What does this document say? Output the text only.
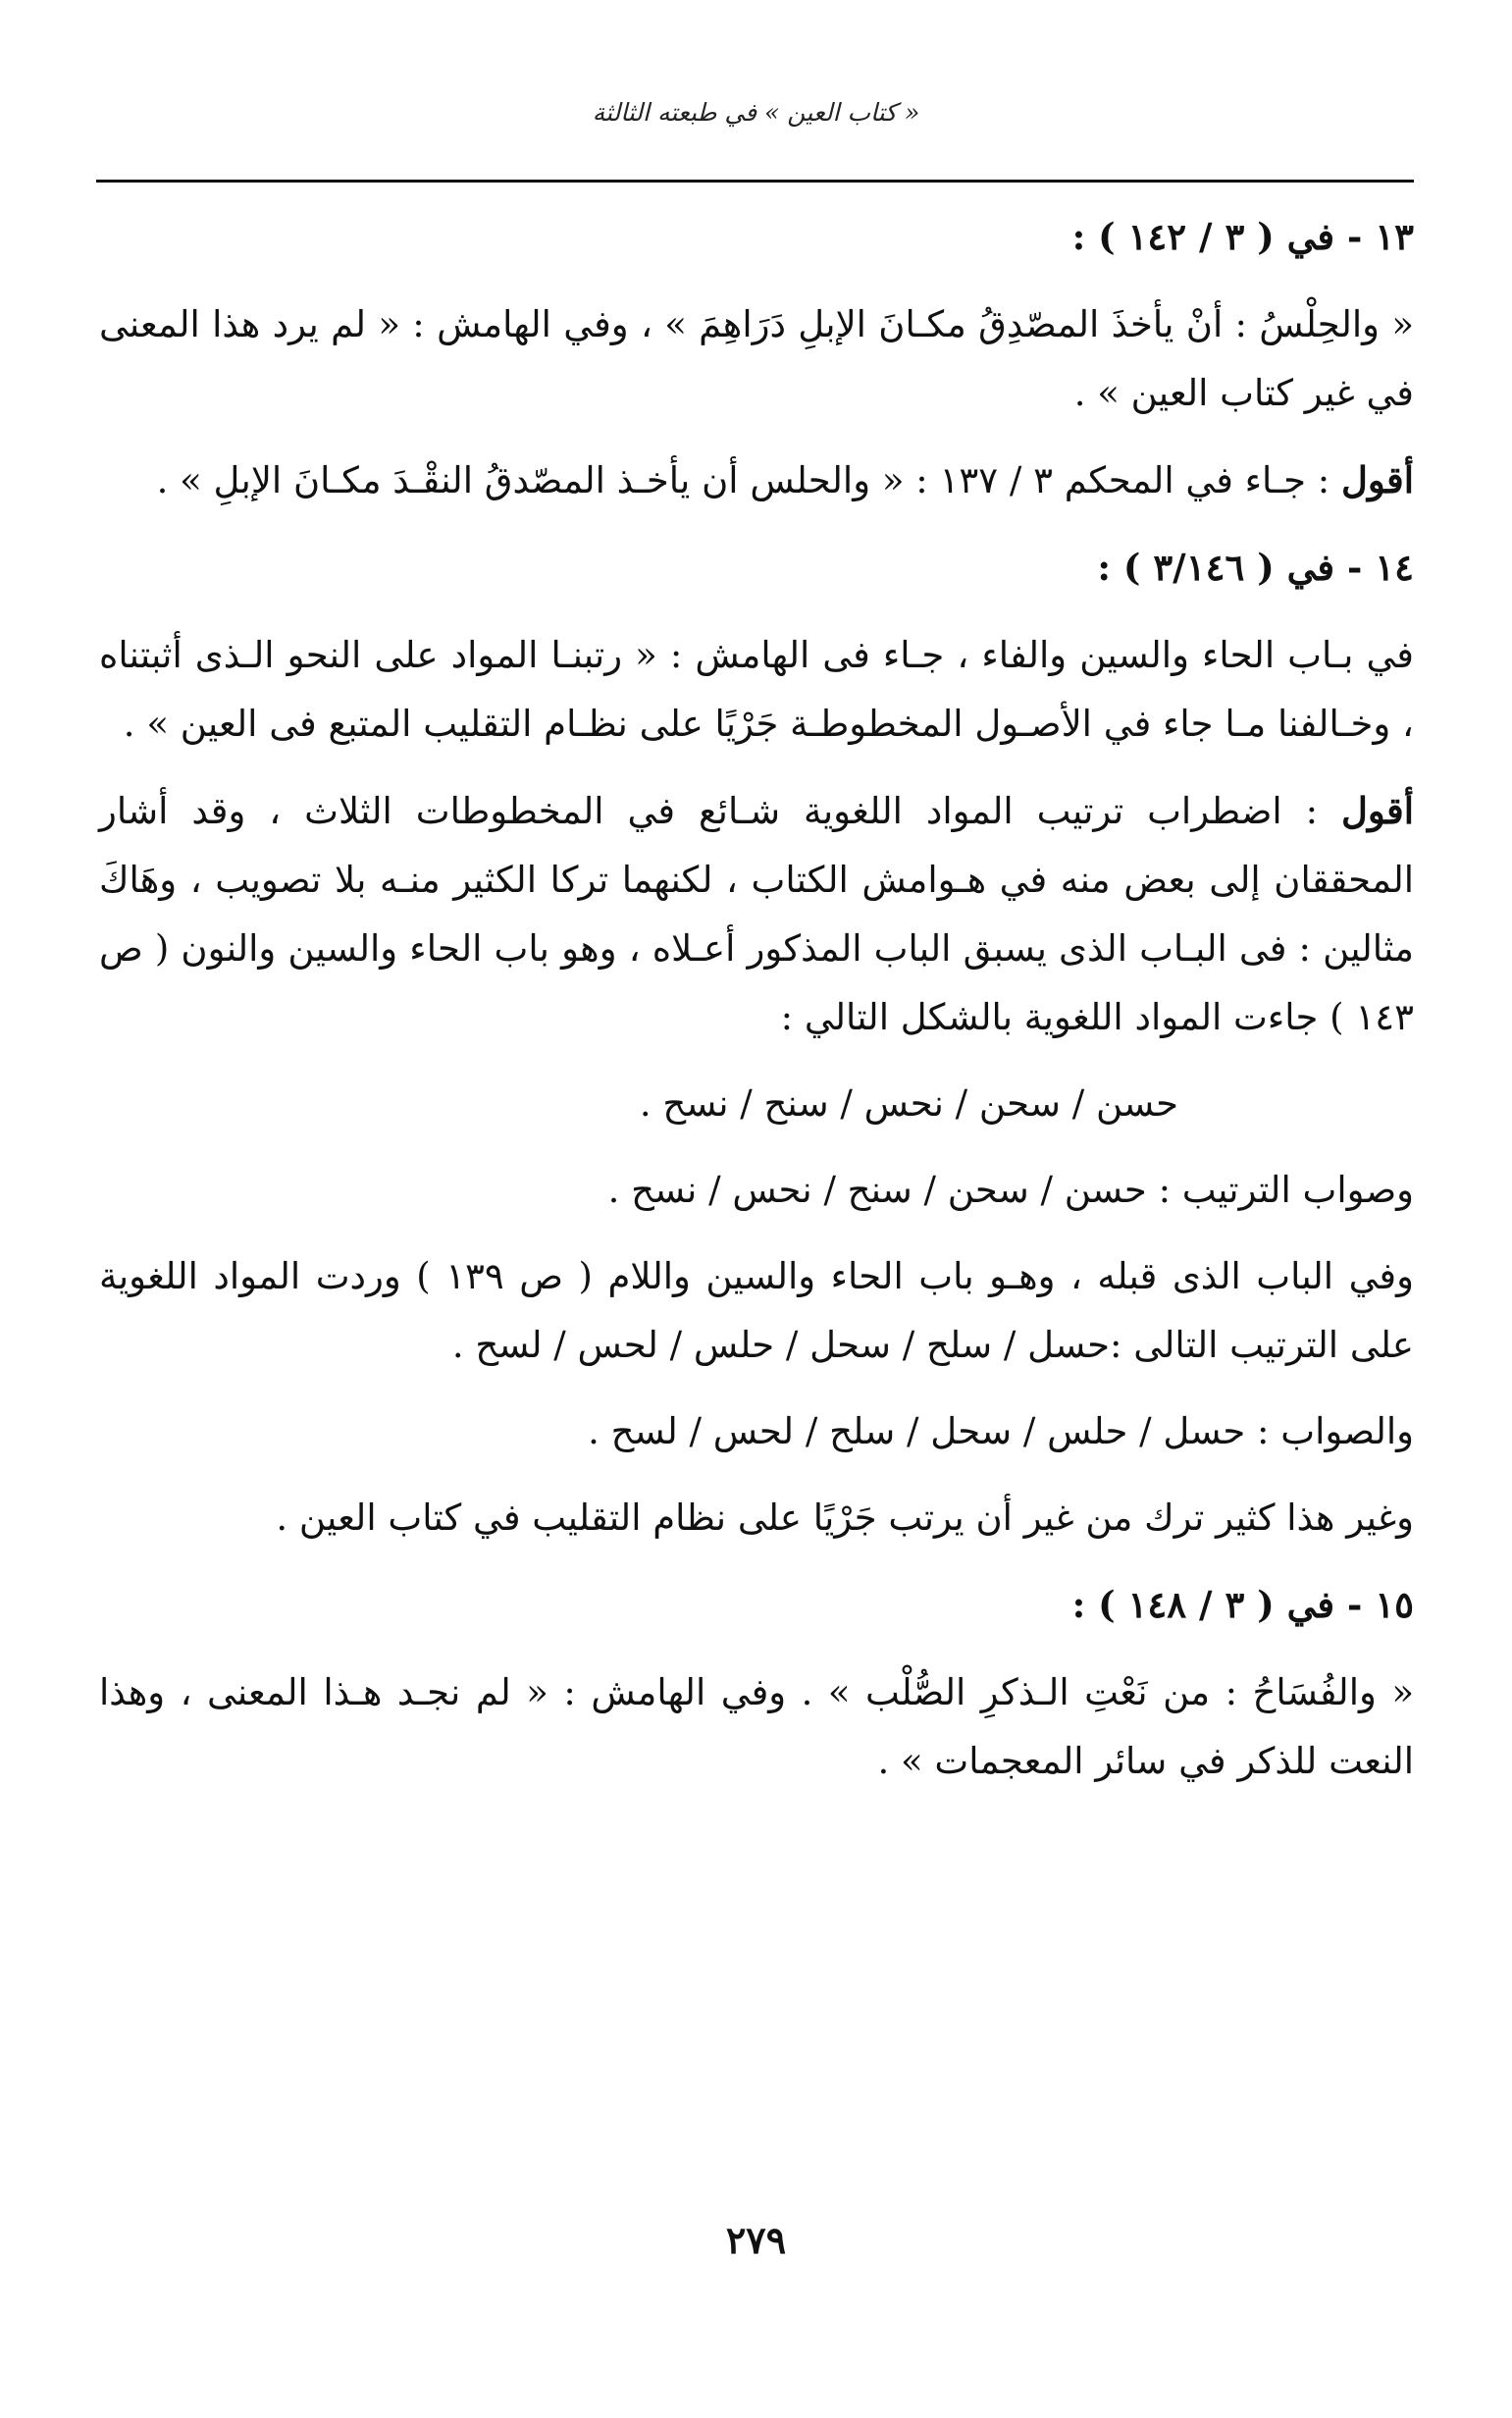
« كتاب العين » في طبعته الثالثة
١٣ - في ( ٣ / ١٤٢ ) :

« والحِلْسُ : أنْ يأخذَ المصّدِقُ مكـانَ الإبلِ دَرَاهِمَ » ، وفي الهامش : « لم يرد هذا المعنى في غير كتاب العين » .

أقول : جـاء في المحكم ٣ / ١٣٧ : « والحلس أن يأخـذ المصّدقُ النقْـدَ مكـانَ الإبلِ » .

١٤ - في ( ٣/١٤٦ ) :

في بـاب الحاء والسين والفاء ، جـاء فى الهامش : « رتبنـا المواد على النحو الـذى أثبتناه ، وخـالفنا مـا جاء في الأصـول المخطوطـة جَرْيًا على نظـام التقليب المتبع فى العين » .

أقول : اضطراب ترتيب المواد اللغوية شـائع في المخطوطات الثلاث ، وقد أشار المحققان إلى بعض منه في هـوامش الكتاب ، لكنهما تركا الكثير منـه بلا تصويب ، وهَاكَ مثالين : فى البـاب الذى يسبق الباب المذكور أعـلاه ، وهو باب الحاء والسين والنون ( ص ١٤٣ ) جاءت المواد اللغوية بالشكل التالي :

حسن / سحن / نحس / سنح / نسح .

وصواب الترتيب : حسن / سحن / سنح / نحس / نسح .

وفي الباب الذى قبله ، وهـو باب الحاء والسين واللام ( ص ١٣٩ ) وردت المواد اللغوية على الترتيب التالى :حسل / سلح / سحل / حلس / لحس / لسح .

والصواب : حسل / حلس / سحل / سلح / لحس / لسح .

وغير هذا كثير ترك من غير أن يرتب جَرْيًا على نظام التقليب في كتاب العين .

١٥ - في ( ٣ / ١٤٨ ) :

« والفُسَاحُ : من نَعْتِ الـذكرِ الصُّلْب » . وفي الهامش : « لم نجـد هـذا المعنى ، وهذا النعت للذكر في سائر المعجمات » .

٢٧٩
